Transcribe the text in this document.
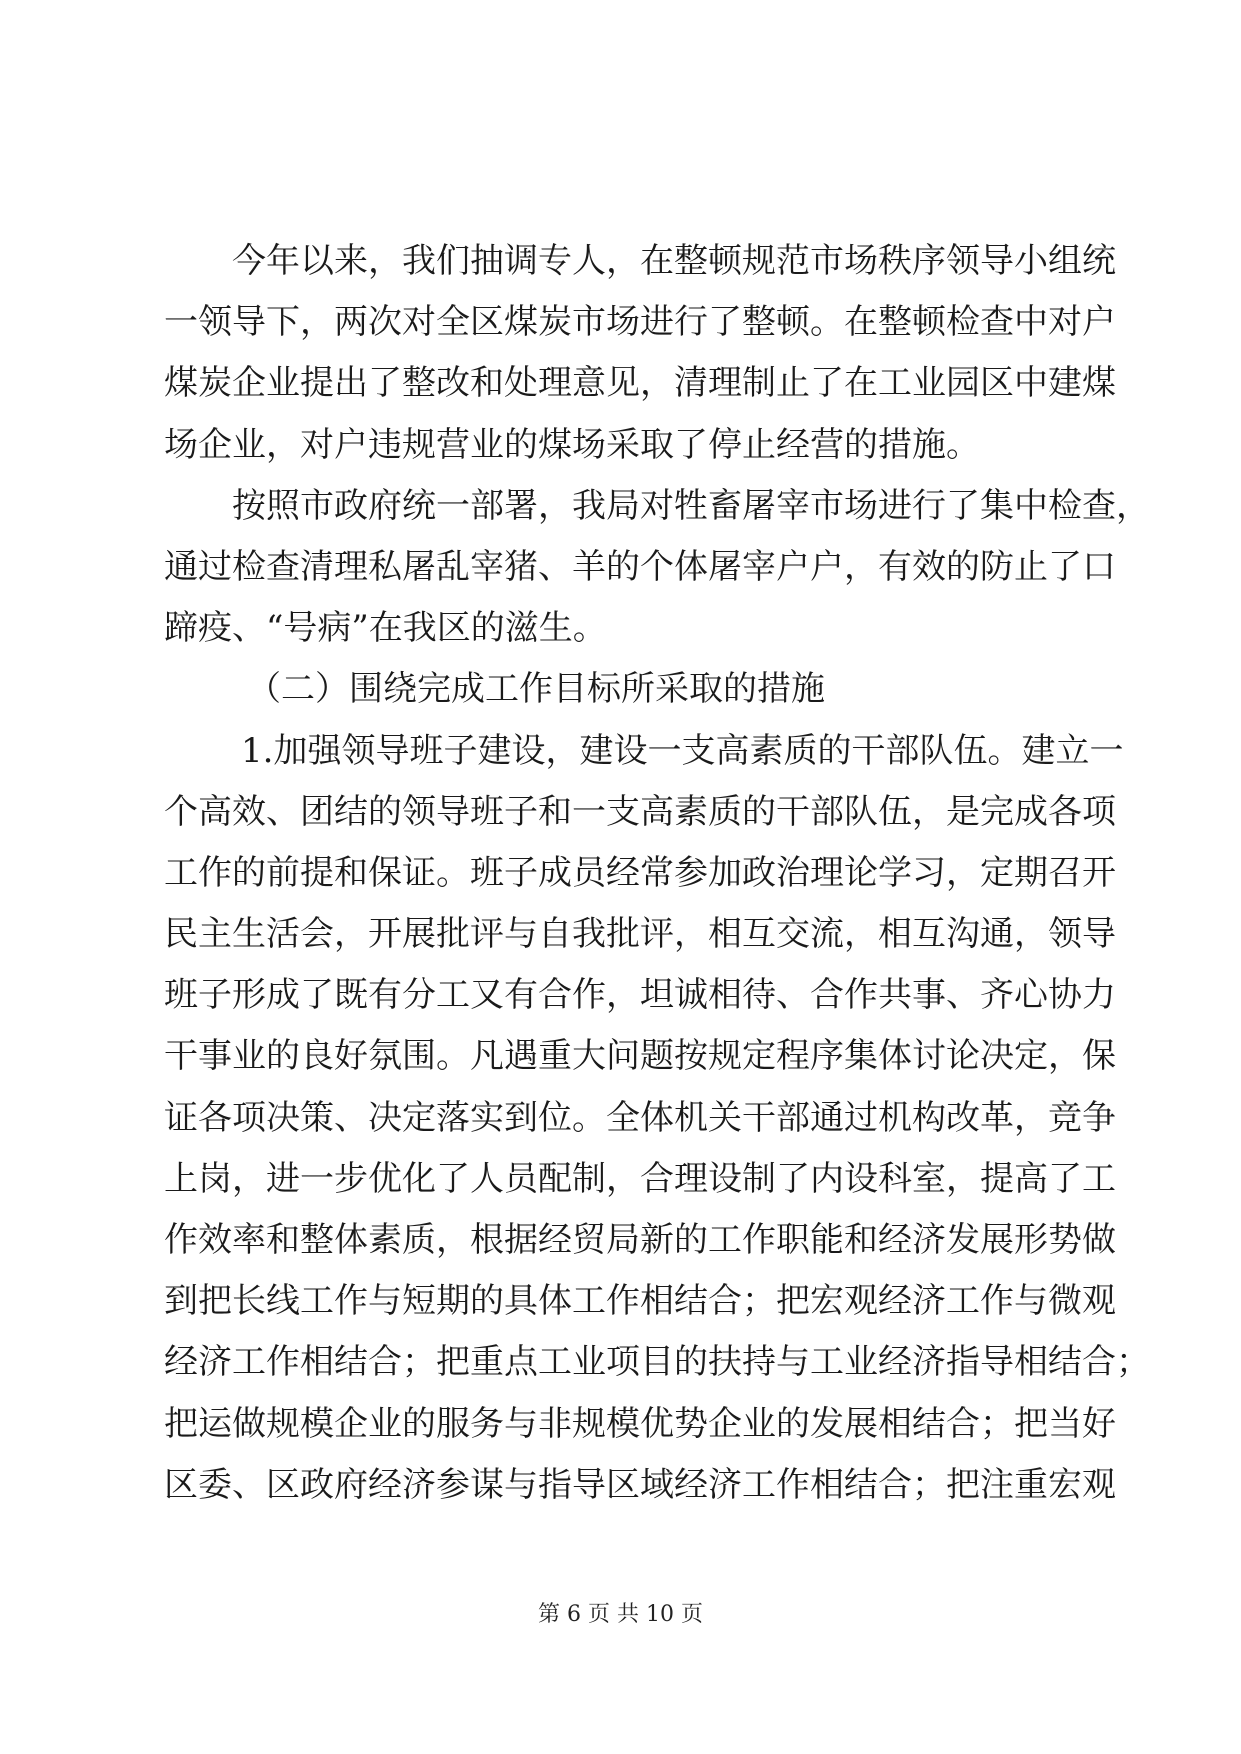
今年以来，我们抽调专人，在整顿规范市场秩序领导小组统
一领导下，两次对全区煤炭市场进行了整顿。在整顿检查中对户
煤炭企业提出了整改和处理意见，清理制止了在工业园区中建煤
场企业，对户违规营业的煤场采取了停止经营的措施。
按照市政府统一部署，我局对牲畜屠宰市场进行了集中检查，
通过检查清理私屠乱宰猪、羊的个体屠宰户户，有效的防止了口
蹄疫、“号病”在我区的滋生。
（二）围绕完成工作目标所采取的措施
1.加强领导班子建设，建设一支高素质的干部队伍。建立一
个高效、团结的领导班子和一支高素质的干部队伍，是完成各项
工作的前提和保证。班子成员经常参加政治理论学习，定期召开
民主生活会，开展批评与自我批评，相互交流，相互沟通，领导
班子形成了既有分工又有合作，坦诚相待、合作共事、齐心协力
干事业的良好氛围。凡遇重大问题按规定程序集体讨论决定，保
证各项决策、决定落实到位。全体机关干部通过机构改革，竞争
上岗，进一步优化了人员配制，合理设制了内设科室，提高了工
作效率和整体素质，根据经贸局新的工作职能和经济发展形势做
到把长线工作与短期的具体工作相结合；把宏观经济工作与微观
经济工作相结合；把重点工业项目的扶持与工业经济指导相结合；
把运做规模企业的服务与非规模优势企业的发展相结合；把当好
区委、区政府经济参谋与指导区域经济工作相结合；把注重宏观
第 6 页 共 10 页
